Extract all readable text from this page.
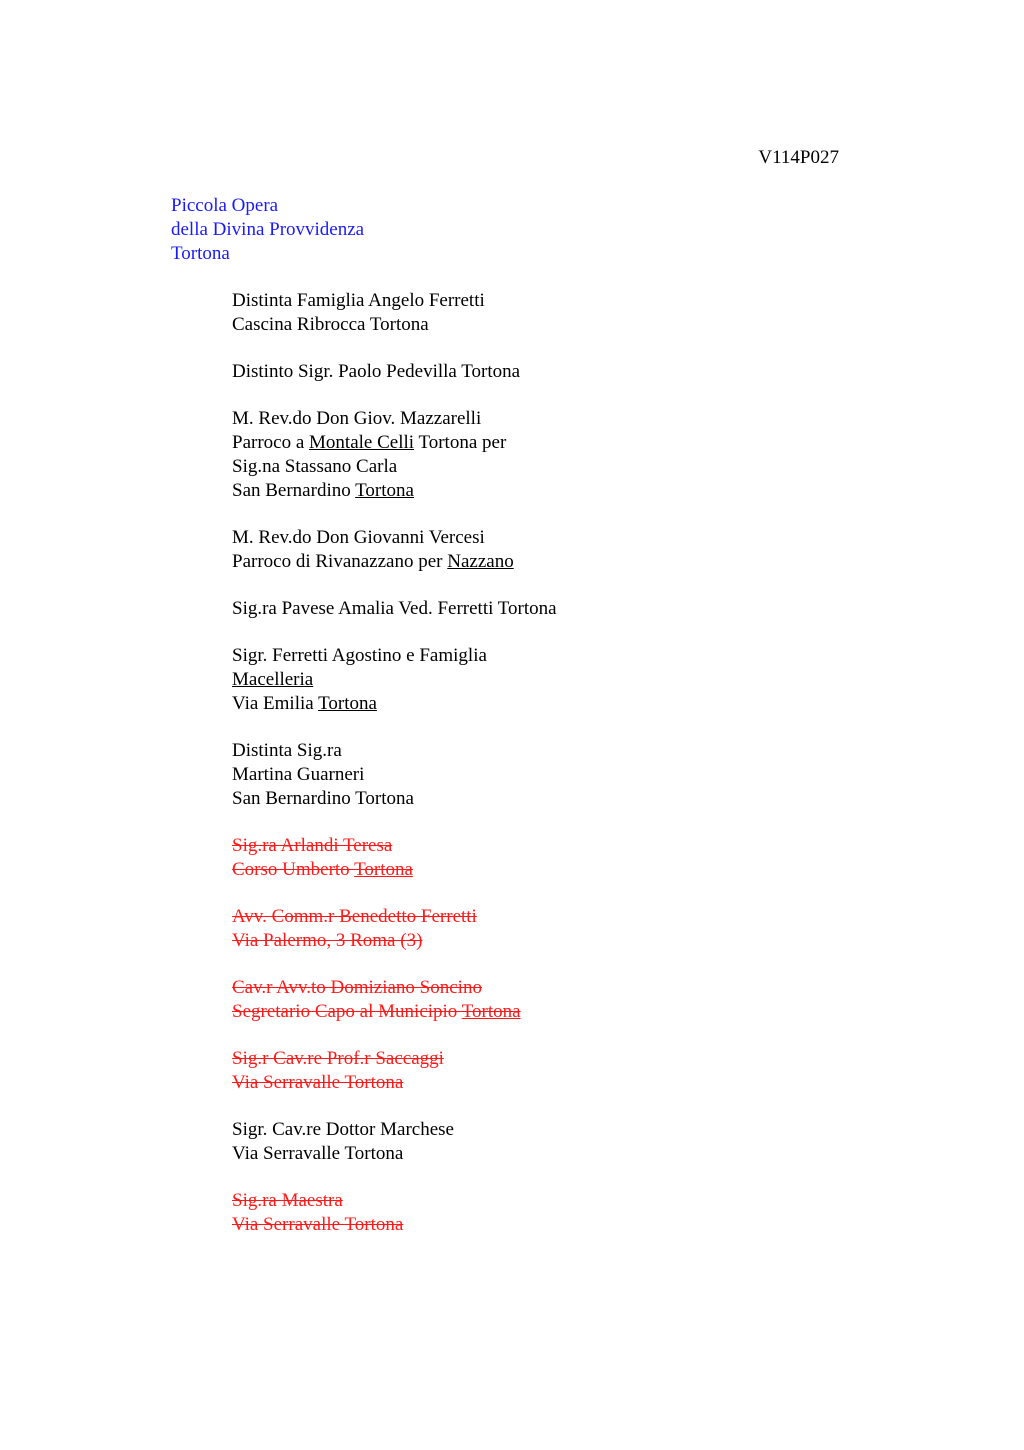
V114P027
Piccola Opera
della Divina Provvidenza
Tortona
Distinta Famiglia Angelo Ferretti
Cascina Ribrocca Tortona
Distinto Sigr. Paolo Pedevilla Tortona
M. Rev.do Don Giov. Mazzarelli
Parroco a Montale Celli Tortona per
Sig.na Stassano Carla
San Bernardino Tortona
M. Rev.do Don Giovanni Vercesi
Parroco di Rivanazzano per Nazzano
Sig.ra Pavese Amalia Ved. Ferretti Tortona
Sigr. Ferretti Agostino e Famiglia
Macelleria
Via Emilia Tortona
Distinta Sig.ra
Martina Guarneri
San Bernardino Tortona
Sig.ra Arlandi Teresa
Corso Umberto Tortona
Avv. Comm.r Benedetto Ferretti
Via Palermo, 3 Roma (3)
Cav.r Avv.to Domiziano Soncino
Segretario Capo al Municipio Tortona
Sig.r Cav.re Prof.r Saccaggi
Via Serravalle Tortona
Sigr. Cav.re Dottor Marchese
Via Serravalle Tortona
Sig.ra Maestra
Via Serravalle Tortona
